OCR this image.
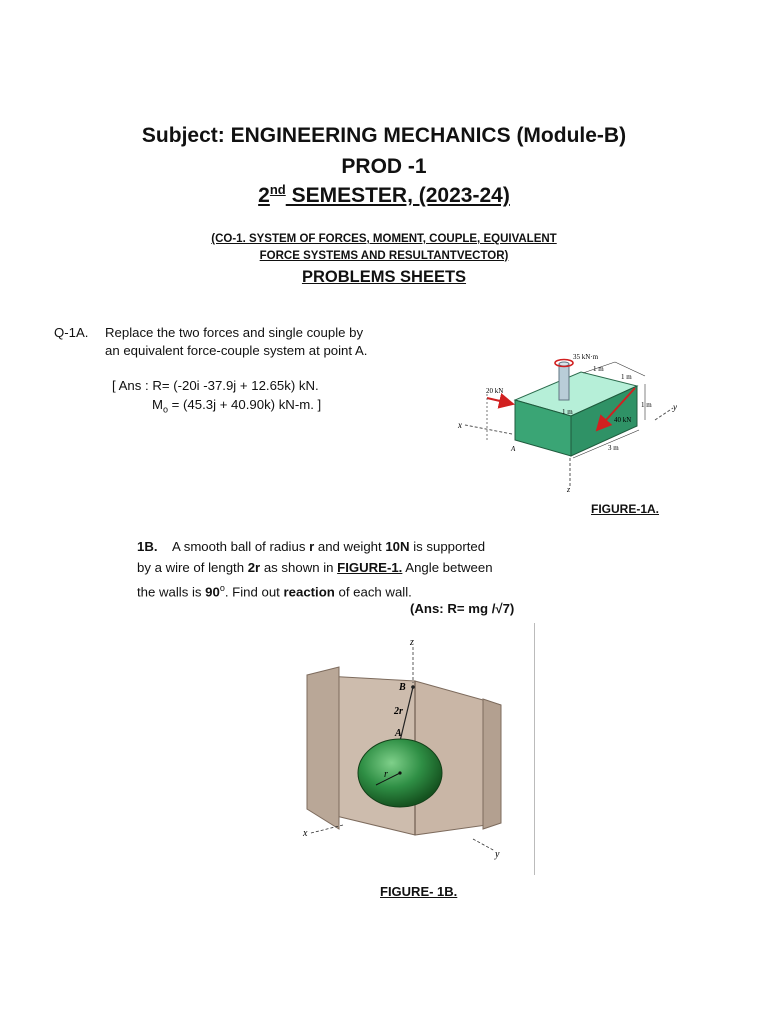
Subject: ENGINEERING MECHANICS (Module-B)
PROD -1
2nd SEMESTER, (2023-24)
(CO-1. SYSTEM OF FORCES, MOMENT, COUPLE, EQUIVALENT
FORCE SYSTEMS AND RESULTANTVECTOR)
PROBLEMS SHEETS
Q-1A. Replace the two forces and single couple by
an equivalent force-couple system at point A.
[ Ans : R= (-20i -37.9j + 12.65k) kN.
$M_o = (45.3j + 40.90k)$ kN-m. ]
x
y
z
35 kN·m
1 m
1 m
20 kN
1 m
1 m
40 kN
3 m
A
FIGURE-1A.
1B. A smooth ball of radius r and weight 10N is supported
by a wire of length 2r as shown in FIGURE-1. Angle between
the walls is 90$^o$. Find out reaction of each wall.
(Ans: R= mg /√7)
z
B
2r
A
r
x
y
FIGURE- 1B.
